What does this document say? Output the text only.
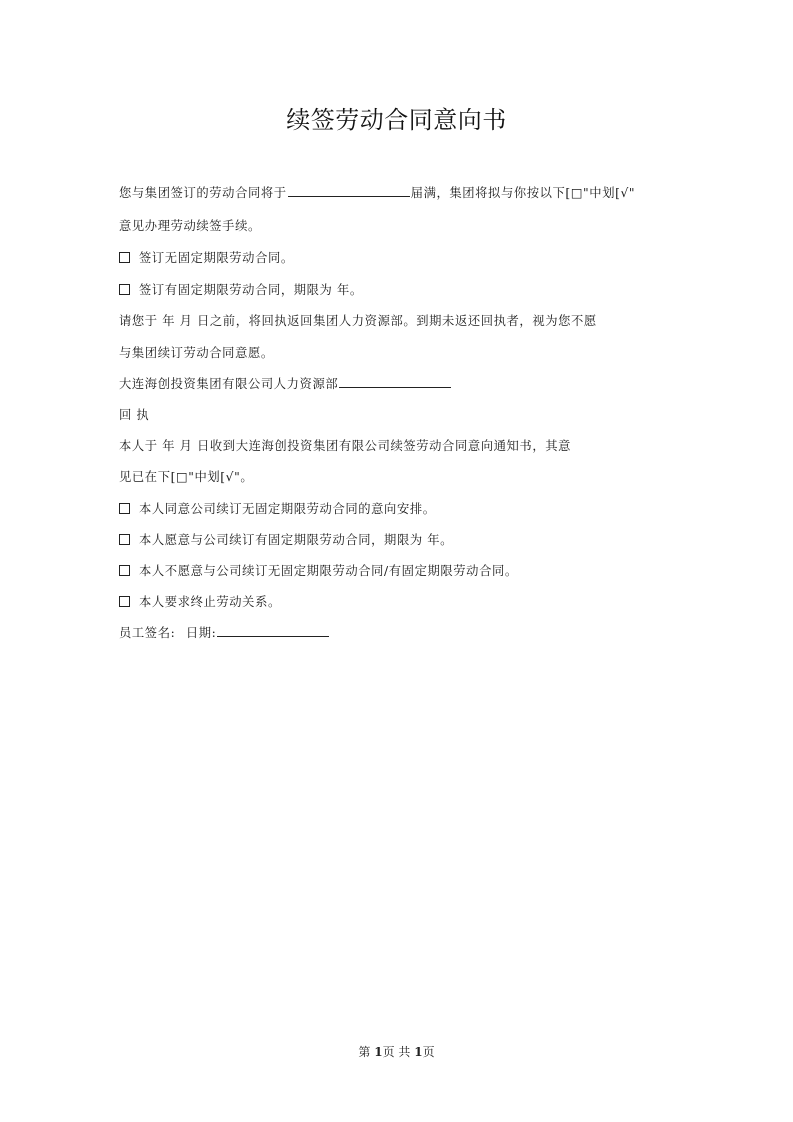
续签劳动合同意向书
您与集团签订的劳动合同将于	届满，集团将拟与你按以下[□"中划[√"
意见办理劳动续签手续。
签订无固定期限劳动合同。
签订有固定期限劳动合同，期限为 年。
请您于 年 月 日之前，将回执返回集团人力资源部。到期未返还回执者，视为您不愿
与集团续订劳动合同意愿。
大连海创投资集团有限公司人力资源部
回 执
本人于 年 月 日收到大连海创投资集团有限公司续签劳动合同意向通知书，其意
见已在下[□"中划[√"。
本人同意公司续订无固定期限劳动合同的意向安排。
本人愿意与公司续订有固定期限劳动合同，期限为 年。
本人不愿意与公司续订无固定期限劳动合同/有固定期限劳动合同。
本人要求终止劳动关系。
员工签名: 日期:
第 1页 共 1页
